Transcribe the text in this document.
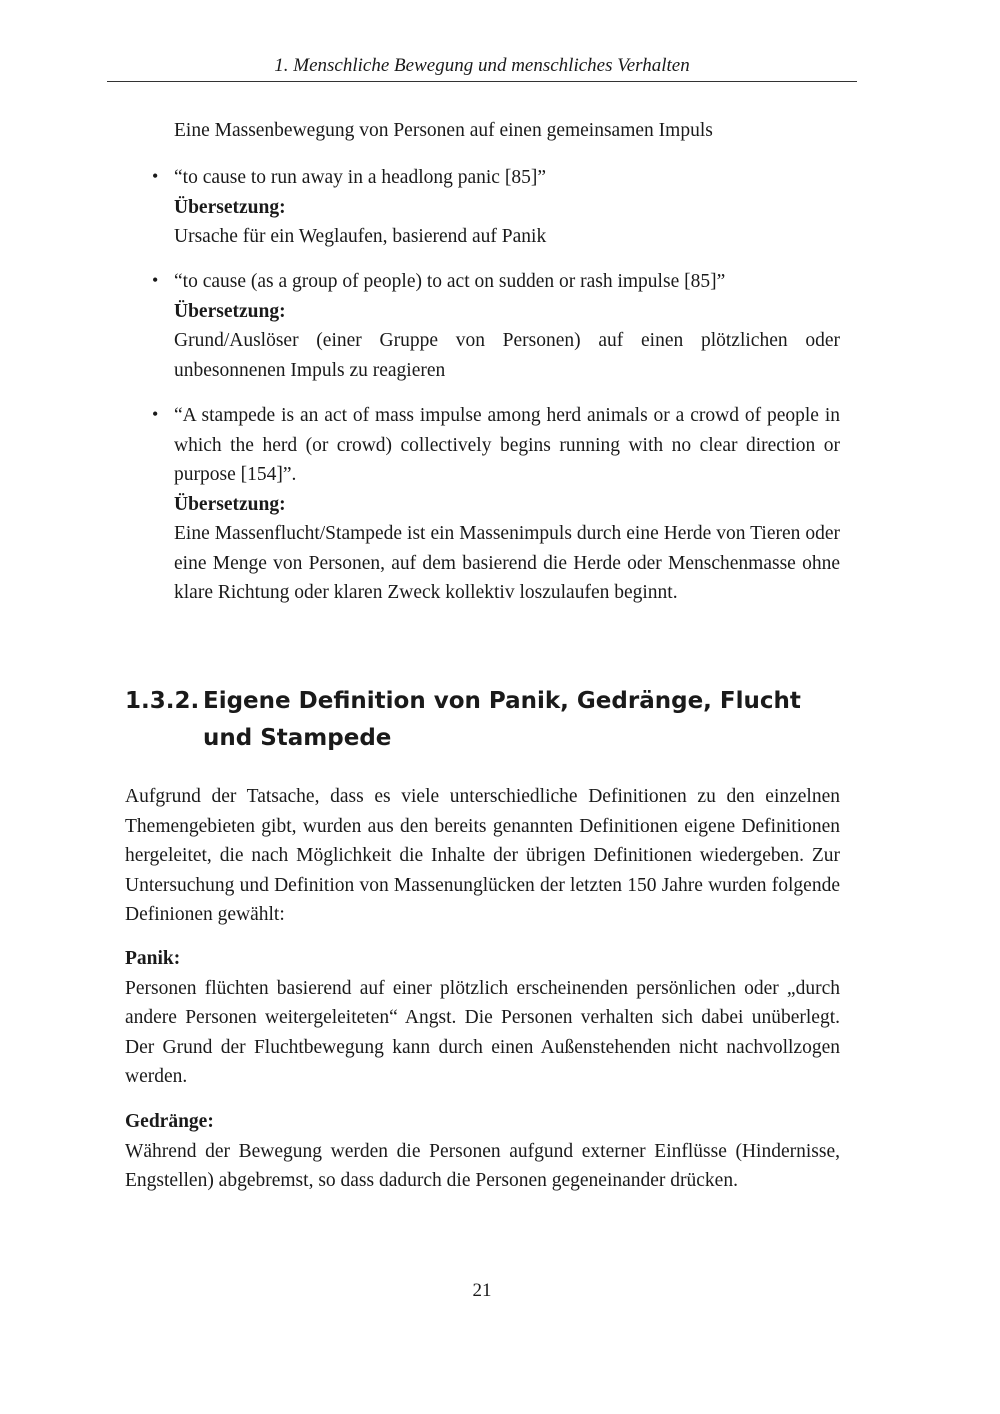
1. Menschliche Bewegung und menschliches Verhalten
Eine Massenbewegung von Personen auf einen gemeinsamen Impuls
• “to cause to run away in a headlong panic [85]”
Übersetzung:
Ursache für ein Weglaufen, basierend auf Panik
• “to cause (as a group of people) to act on sudden or rash impulse [85]”
Übersetzung:
Grund/Auslöser (einer Gruppe von Personen) auf einen plötzlichen oder unbesonnenen Impuls zu reagieren
• “A stampede is an act of mass impulse among herd animals or a crowd of people in which the herd (or crowd) collectively begins running with no clear direction or purpose [154]”.
Übersetzung:
Eine Massenflucht/Stampede ist ein Massenimpuls durch eine Herde von Tieren oder eine Menge von Personen, auf dem basierend die Herde oder Menschenmasse ohne klare Richtung oder klaren Zweck kollektiv loszulaufen beginnt.
1.3.2. Eigene Definition von Panik, Gedränge, Flucht und Stampede
Aufgrund der Tatsache, dass es viele unterschiedliche Definitionen zu den einzelnen Themengebieten gibt, wurden aus den bereits genannten Definitionen eigene Definitionen hergeleitet, die nach Möglichkeit die Inhalte der übrigen Definitionen wiedergeben. Zur Untersuchung und Definition von Massenunglücken der letzten 150 Jahre wurden folgende Definionen gewählt:
Panik:
Personen flüchten basierend auf einer plötzlich erscheinenden persönlichen oder „durch andere Personen weitergeleiteten“ Angst. Die Personen verhalten sich dabei unüberlegt. Der Grund der Fluchtbewegung kann durch einen Außenstehenden nicht nachvollzogen werden.
Gedränge:
Während der Bewegung werden die Personen aufgund externer Einflüsse (Hindernisse, Engstellen) abgebremst, so dass dadurch die Personen gegeneinander drücken.
21
